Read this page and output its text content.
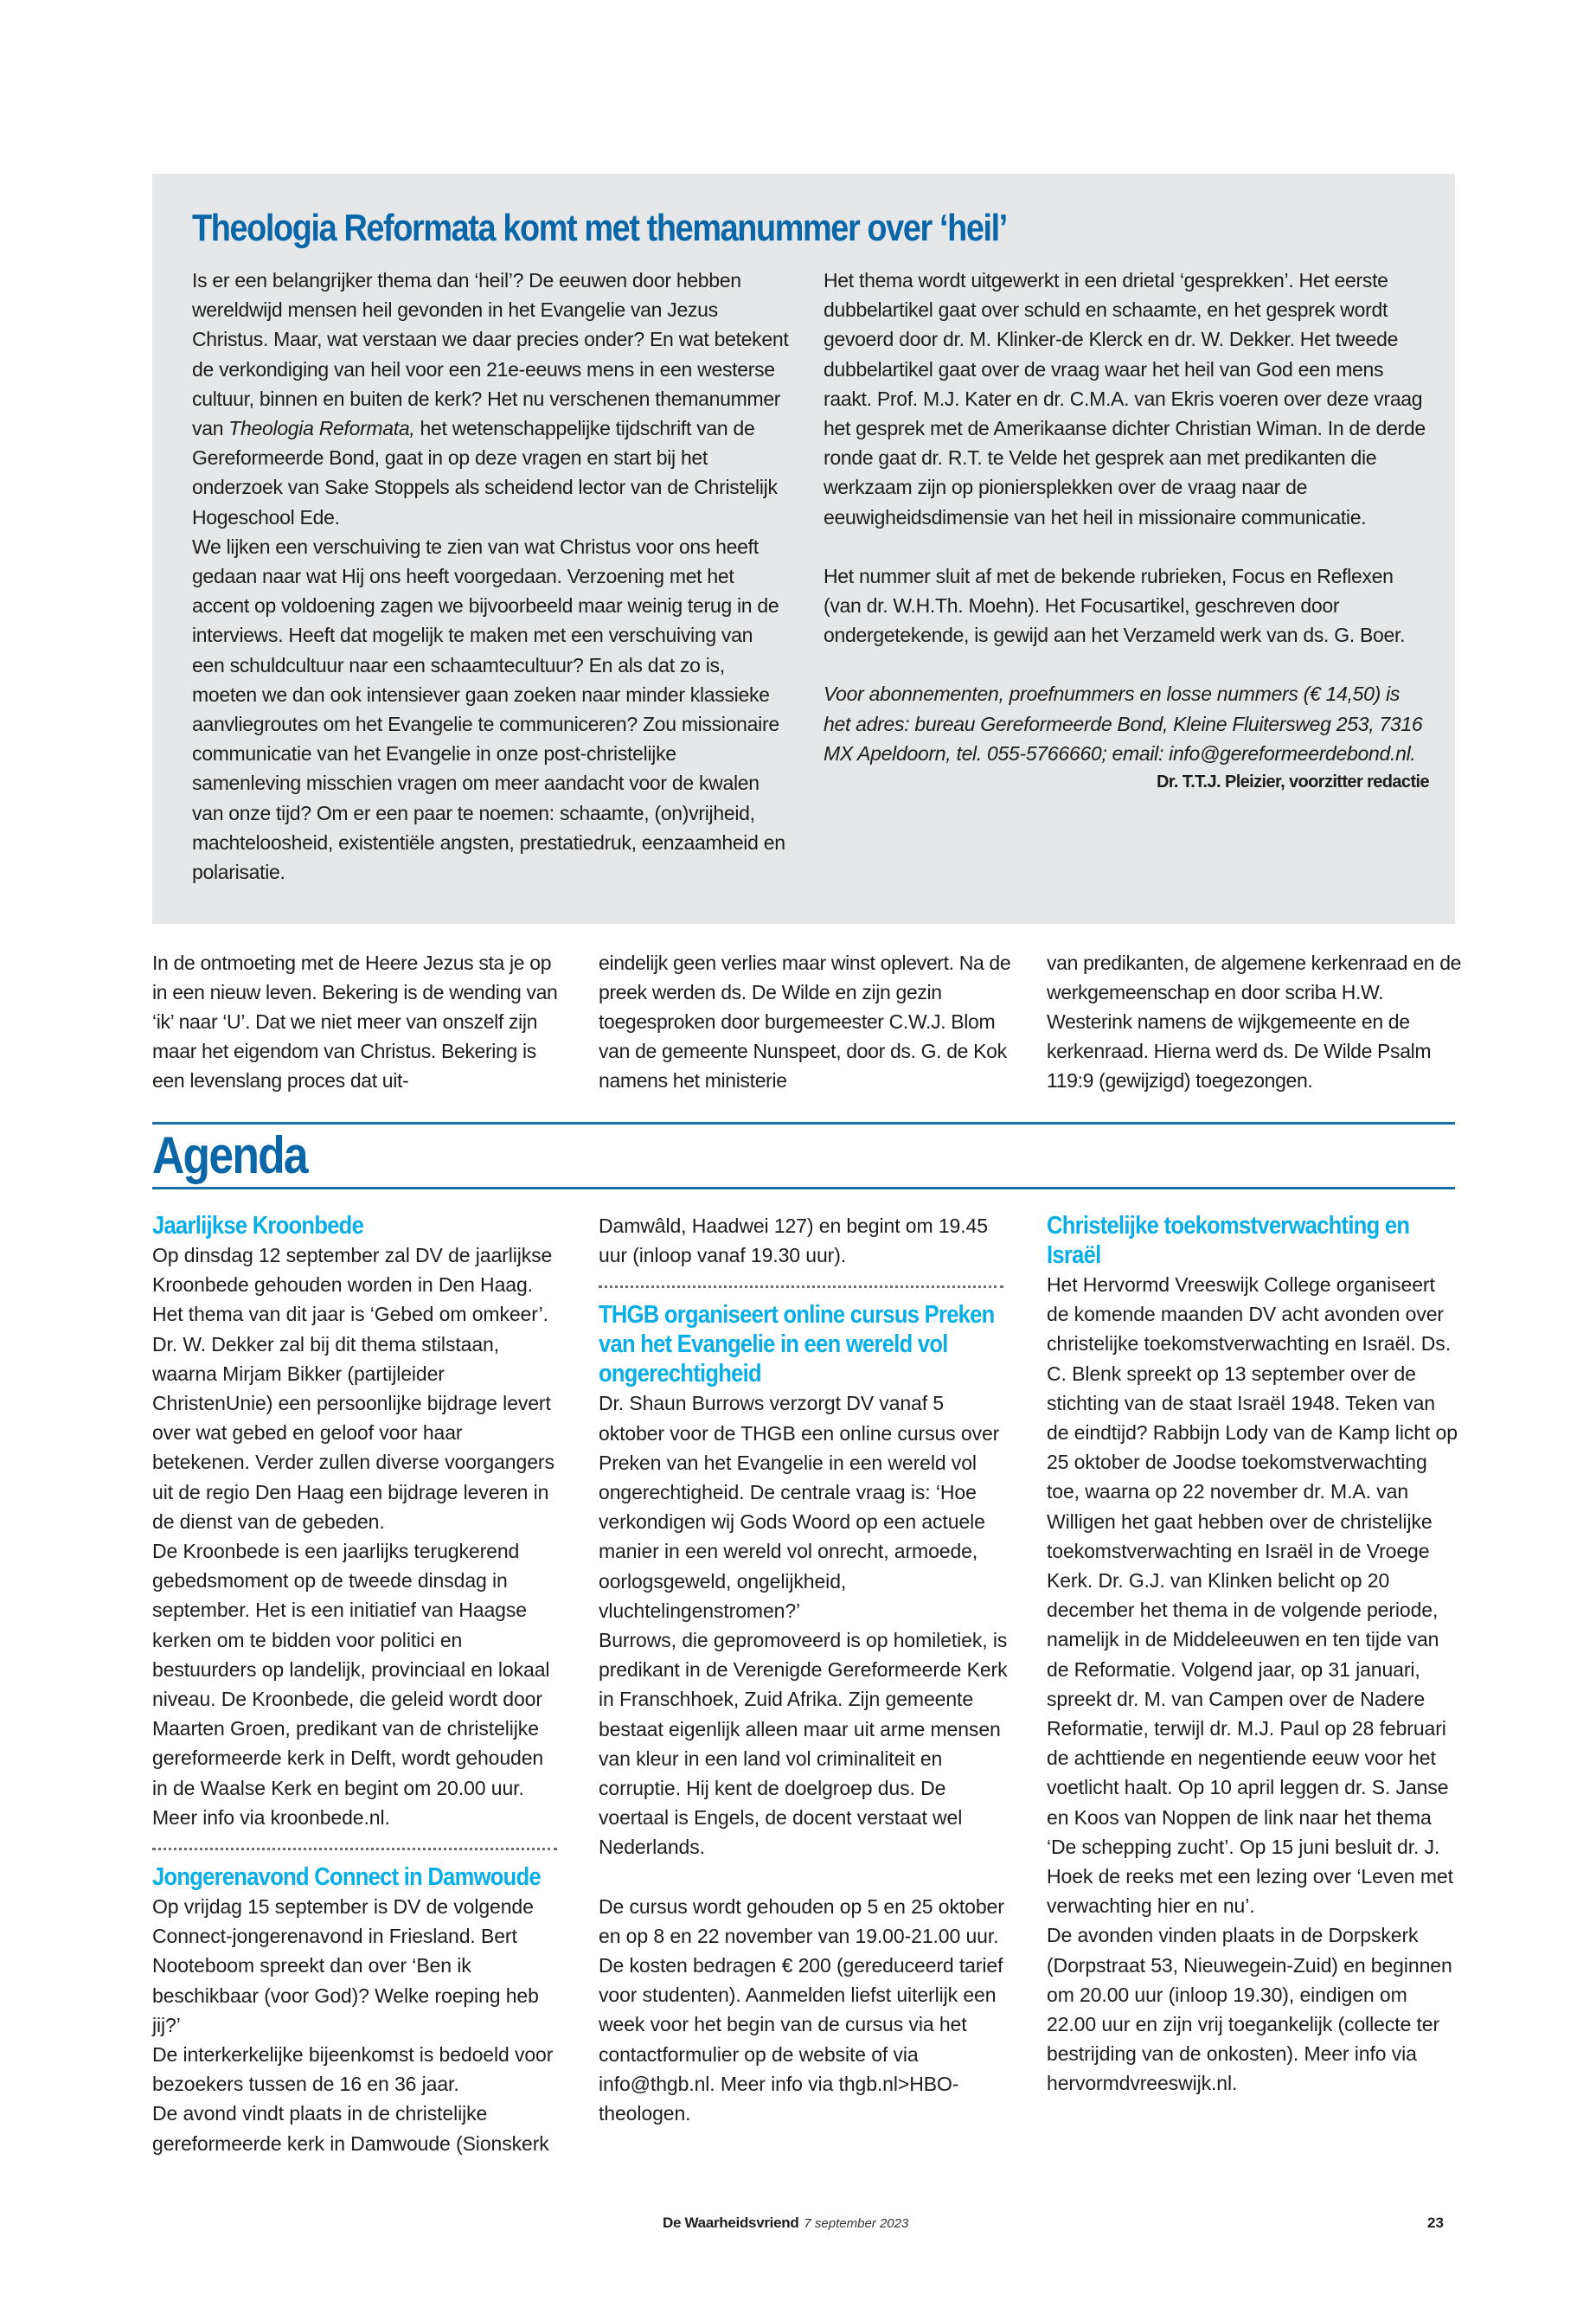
Theologia Reformata komt met themanummer over ‘heil’

Is er een belangrijker thema dan ‘heil’? De eeuwen door hebben wereldwijd mensen heil gevonden in het Evangelie van Jezus Christus. Maar, wat verstaan we daar precies onder? En wat betekent de verkondiging van heil voor een 21e-eeuws mens in een westerse cultuur, binnen en buiten de kerk? Het nu verschenen themanummer van Theologia Reformata, het wetenschappelijke tijdschrift van de Gereformeerde Bond, gaat in op deze vragen en start bij het onderzoek van Sake Stoppels als scheidend lector van de Christelijk Hogeschool Ede.

We lijken een verschuiving te zien van wat Christus voor ons heeft gedaan naar wat Hij ons heeft voorgedaan. Verzoening met het accent op voldoening zagen we bijvoorbeeld maar weinig terug in de interviews. Heeft dat mogelijk te maken met een verschuiving van een schuldcultuur naar een schaamtecultuur? En als dat zo is, moeten we dan ook intensiever gaan zoeken naar minder klassieke aanvliegroutes om het Evangelie te communiceren? Zou missionaire communicatie van het Evangelie in onze post-christelijke samenleving misschien vragen om meer aandacht voor de kwalen van onze tijd? Om er een paar te noemen: schaamte, (on)vrijheid, machteloosheid, existentiële angsten, prestatiedruk, eenzaamheid en polarisatie.

Het thema wordt uitgewerkt in een drietal ‘gesprekken’. Het eerste dubbelartikel gaat over schuld en schaamte, en het gesprek wordt gevoerd door dr. M. Klinker-de Klerck en dr. W. Dekker. Het tweede dubbelartikel gaat over de vraag waar het heil van God een mens raakt. Prof. M.J. Kater en dr. C.M.A. van Ekris voeren over deze vraag het gesprek met de Amerikaanse dichter Christian Wiman. In de derde ronde gaat dr. R.T. te Velde het gesprek aan met predikanten die werkzaam zijn op pioniersplekken over de vraag naar de eeuwigheidsdimensie van het heil in missionaire communicatie.

Het nummer sluit af met de bekende rubrieken, Focus en Reflexen (van dr. W.H.Th. Moehn). Het Focusartikel, geschreven door ondergetekende, is gewijd aan het Verzameld werk van ds. G. Boer.

Voor abonnementen, proefnummers en losse nummers (€ 14,50) is het adres: bureau Gereformeerde Bond, Kleine Fluitersweg 253, 7316 MX Apeldoorn, tel. 055-5766660; email: info@gereformeerdebond.nl.

Dr. T.T.J. Pleizier, voorzitter redactie

In de ontmoeting met de Heere Jezus sta je op in een nieuw leven. Bekering is de wending van ‘ik’ naar ‘U’. Dat we niet meer van onszelf zijn maar het eigendom van Christus. Bekering is een levenslang proces dat uit-

eindelijk geen verlies maar winst oplevert. Na de preek werden ds. De Wilde en zijn gezin toegesproken door burgemeester C.W.J. Blom van de gemeente Nunspeet, door ds. G. de Kok namens het ministerie

van predikanten, de algemene kerkenraad en de werkgemeenschap en door scriba H.W. Westerink namens de wijkgemeente en de kerkenraad. Hierna werd ds. De Wilde Psalm 119:9 (gewijzigd) toegezongen.

Agenda
Jaarlijkse Kroonbede

Op dinsdag 12 september zal DV de jaarlijkse Kroonbede gehouden worden in Den Haag. Het thema van dit jaar is ‘Gebed om omkeer’. Dr. W. Dekker zal bij dit thema stilstaan, waarna Mirjam Bikker (partijleider ChristenUnie) een persoonlijke bijdrage levert over wat gebed en geloof voor haar betekenen. Verder zullen diverse voorgangers uit de regio Den Haag een bijdrage leveren in de dienst van de gebeden.

De Kroonbede is een jaarlijks terugkerend gebedsmoment op de tweede dinsdag in september. Het is een initiatief van Haagse kerken om te bidden voor politici en bestuurders op landelijk, provinciaal en lokaal niveau. De Kroonbede, die geleid wordt door Maarten Groen, predikant van de christelijke gereformeerde kerk in Delft, wordt gehouden in de Waalse Kerk en begint om 20.00 uur. Meer info via kroonbede.nl.

Jongerenavond Connect in Damwoude

Op vrijdag 15 september is DV de volgende Connect-jongerenavond in Friesland. Bert Nooteboom spreekt dan over ‘Ben ik beschikbaar (voor God)? Welke roeping heb jij?’

De interkerkelijke bijeenkomst is bedoeld voor bezoekers tussen de 16 en 36 jaar.

De avond vindt plaats in de christelijke gereformeerde kerk in Damwoude (Sionskerk

Damwâld, Haadwei 127) en begint om 19.45 uur (inloop vanaf 19.30 uur).

THGB organiseert online cursus Preken van het Evangelie in een wereld vol ongerechtigheid

Dr. Shaun Burrows verzorgt DV vanaf 5 oktober voor de THGB een online cursus over Preken van het Evangelie in een wereld vol ongerechtigheid. De centrale vraag is: ‘Hoe verkondigen wij Gods Woord op een actuele manier in een wereld vol onrecht, armoede, oorlogsgeweld, ongelijkheid, vluchtelingenstromen?’

Burrows, die gepromoveerd is op homiletiek, is predikant in de Verenigde Gereformeerde Kerk in Franschhoek, Zuid Afrika. Zijn gemeente bestaat eigenlijk alleen maar uit arme mensen van kleur in een land vol criminaliteit en corruptie. Hij kent de doelgroep dus. De voertaal is Engels, de docent verstaat wel Nederlands.

De cursus wordt gehouden op 5 en 25 oktober en op 8 en 22 november van 19.00-21.00 uur. De kosten bedragen € 200 (gereduceerd tarief voor studenten). Aanmelden liefst uiterlijk een week voor het begin van de cursus via het contactformulier op de website of via info@thgb.nl. Meer info via thgb.nl>HBO-theologen.

Christelijke toekomstverwachting en Israël

Het Hervormd Vreeswijk College organiseert de komende maanden DV acht avonden over christelijke toekomstverwachting en Israël. Ds. C. Blenk spreekt op 13 september over de stichting van de staat Israël 1948. Teken van de eindtijd? Rabbijn Lody van de Kamp licht op 25 oktober de Joodse toekomstverwachting toe, waarna op 22 november dr. M.A. van Willigen het gaat hebben over de christelijke toekomstverwachting en Israël in de Vroege Kerk. Dr. G.J. van Klinken belicht op 20 december het thema in de volgende periode, namelijk in de Middeleeuwen en ten tijde van de Reformatie. Volgend jaar, op 31 januari, spreekt dr. M. van Campen over de Nadere Reformatie, terwijl dr. M.J. Paul op 28 februari de achttiende en negentiende eeuw voor het voetlicht haalt. Op 10 april leggen dr. S. Janse en Koos van Noppen de link naar het thema ‘De schepping zucht’. Op 15 juni besluit dr. J. Hoek de reeks met een lezing over ‘Leven met verwachting hier en nu’.

De avonden vinden plaats in de Dorpskerk (Dorpstraat 53, Nieuwegein-Zuid) en beginnen om 20.00 uur (inloop 19.30), eindigen om 22.00 uur en zijn vrij toegankelijk (collecte ter bestrijding van de onkosten). Meer info via hervormdvreeswijk.nl.

De Waarheidsvriend 7 september 2023	23
